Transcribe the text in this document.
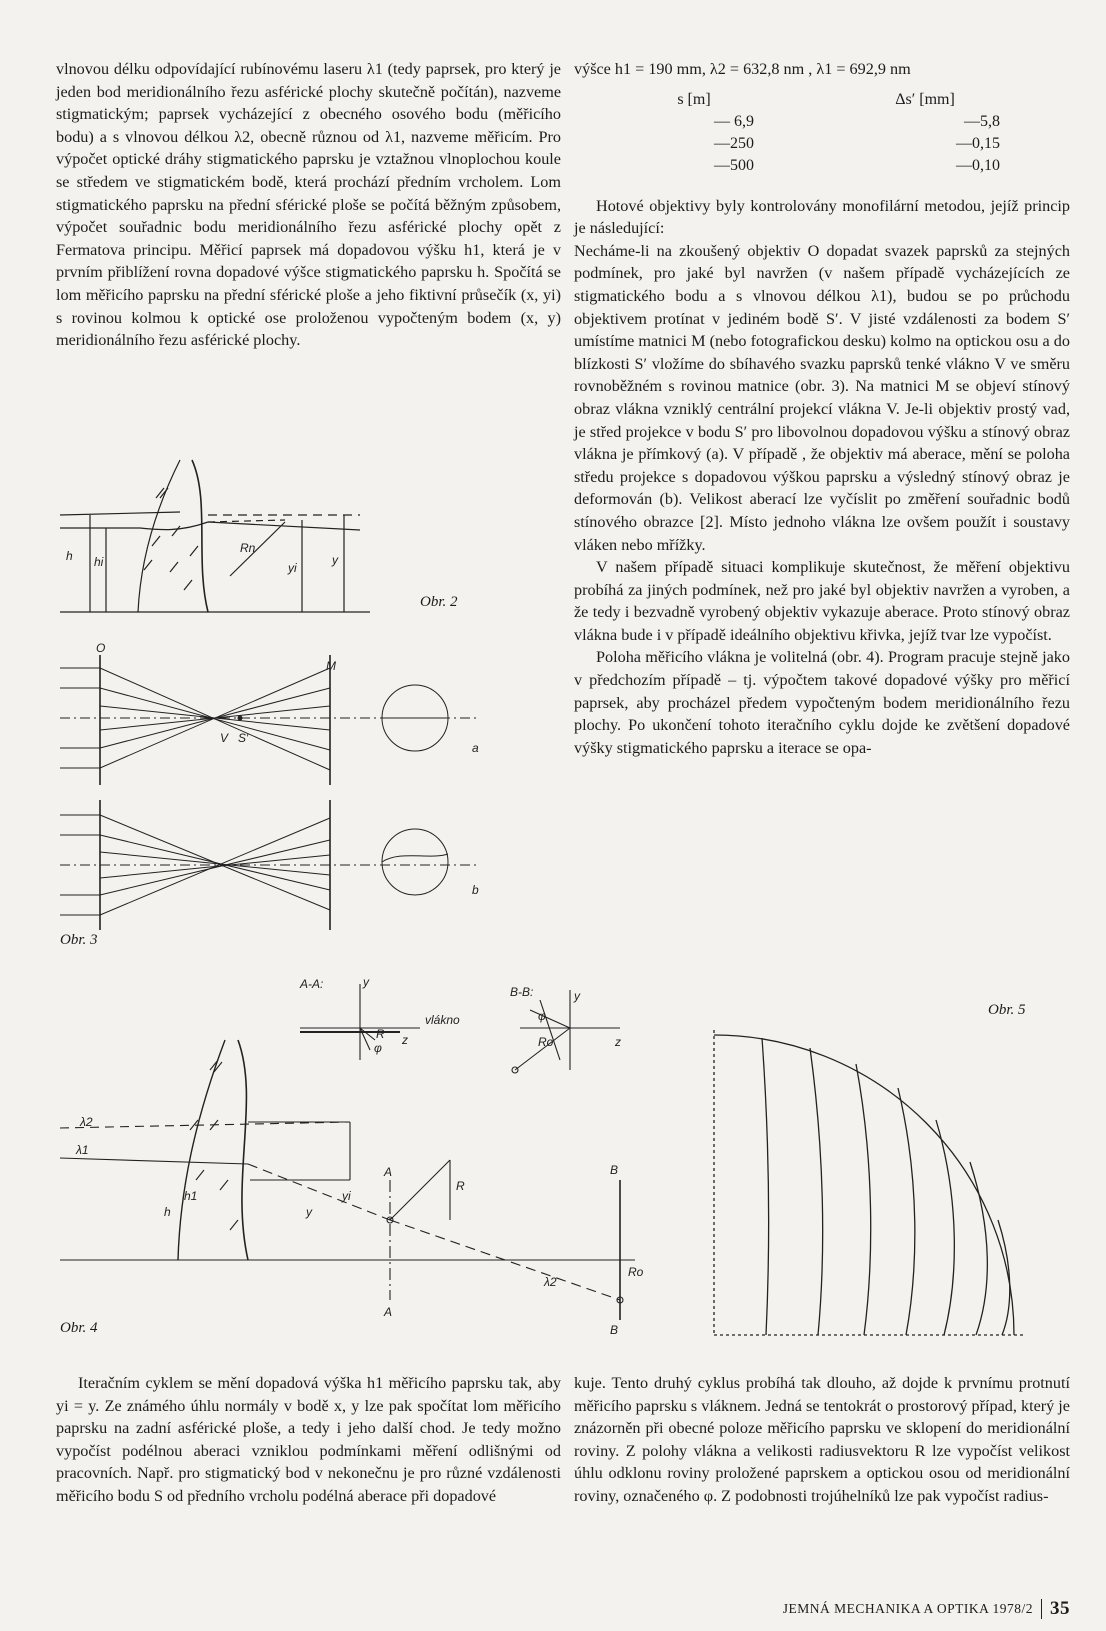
vlnovou délku odpovídající rubínovému laseru λ1 (tedy paprsek, pro který je jeden bod meridionálního řezu asférické plochy skutečně počítán), nazveme stigmatickým; paprsek vycházející z obecného osového bodu (měřicího bodu) a s vlnovou délkou λ2, obecně různou od λ1, nazveme měřicím. Pro výpočet optické dráhy stigmatického paprsku je vztažnou vlnoplochou koule se středem ve stigmatickém bodě, která prochází předním vrcholem. Lom stigmatického paprsku na přední sférické ploše se počítá běžným způsobem, výpočet souřadnic bodu meridionálního řezu asférické plochy opět z Fermatova principu. Měřicí paprsek má dopadovou výšku h1, která je v prvním přiblížení rovna dopadové výšce stigmatického paprsku h. Spočítá se lom měřicího paprsku na přední sférické ploše a jeho fiktivní průsečík (x, yi) s rovinou kolmou k optické ose proloženou vypočteným bodem (x, y) meridionálního řezu asférické plochy.

výšce h1 = 190 mm, λ2 = 632,8 nm , λ1 = 692,9 nm

s [m]	Δs′ [mm]
— 6,9	—5,8
—250	—0,15
—500	—0,10

Hotové objektivy byly kontrolovány monofilární metodou, jejíž princip je následující:

Necháme-li na zkoušený objektiv O dopadat svazek paprsků za stejných podmínek, pro jaké byl navržen (v našem případě vycházejících ze stigmatického bodu a s vlnovou délkou λ1), budou se po průchodu objektivem protínat v jediném bodě S′. V jisté vzdálenosti za bodem S′ umístíme matnici M (nebo fotografickou desku) kolmo na optickou osu a do blízkosti S′ vložíme do sbíhavého svazku paprsků tenké vlákno V ve směru rovnoběžném s rovinou matnice (obr. 3). Na matnici M se objeví stínový obraz vlákna vzniklý centrální projekcí vlákna V. Je-li objektiv prostý vad, je střed projekce v bodu S′ pro libovolnou dopadovou výšku a stínový obraz vlákna je přímkový (a). V případě , že objektiv má aberace, mění se poloha středu projekce s dopadovou výškou paprsku a výsledný stínový obraz je deformován (b). Velikost aberací lze vyčíslit po změření souřadnic bodů stínového obrazce [2]. Místo jednoho vlákna lze ovšem použít i soustavy vláken nebo mřížky.

V našem případě situaci komplikuje skutečnost, že měření objektivu probíhá za jiných podmínek, než pro jaké byl objektiv navržen a vyroben, a že tedy i bezvadně vyrobený objektiv vykazuje aberace. Proto stínový obraz vlákna bude i v případě ideálního objektivu křivka, jejíž tvar lze vypočíst.

Poloha měřicího vlákna je volitelná (obr. 4). Program pracuje stejně jako v předchozím případě – tj. výpočtem takové dopadové výšky pro měřicí paprsek, aby procházel předem vypočteným bodem meridionálního řezu plochy. Po ukončení tohoto iteračního cyklu dojde ke zvětšení dopadové výšky stigmatického paprsku a iterace se opa-

h hi	yi
y
Rn
Obr. 2
O
M
V S′
a
b
Obr. 3
A-A:	y
z
vlákno
R
φ
B-B:	y
z
φ
Ro
λ2
λ1
h
h1
y
yi
A
A
R
B
B
Ro
λ2
Obr. 4
Obr. 5

Iteračním cyklem se mění dopadová výška h1 měřicího paprsku tak, aby yi = y. Ze známého úhlu normály v bodě x, y lze pak spočítat lom měřicího paprsku na zadní asférické ploše, a tedy i jeho další chod. Je tedy možno vypočíst podélnou aberaci vzniklou podmínkami měření odlišnými od pracovních. Např. pro stigmatický bod v nekonečnu je pro různé vzdálenosti měřicího bodu S od předního vrcholu podélná aberace při dopadové

kuje. Tento druhý cyklus probíhá tak dlouho, až dojde k prvnímu protnutí měřicího paprsku s vláknem. Jedná se tentokrát o prostorový případ, který je znázorněn při obecné poloze měřicího paprsku ve sklopení do meridionální roviny. Z polohy vlákna a velikosti radiusvektoru R lze vypočíst velikost úhlu odklonu roviny proložené paprskem a optickou osou od meridionální roviny, označeného φ. Z podobnosti trojúhelníků lze pak vypočíst radius-

JEMNÁ MECHANIKA A OPTIKA 1978/2 35
